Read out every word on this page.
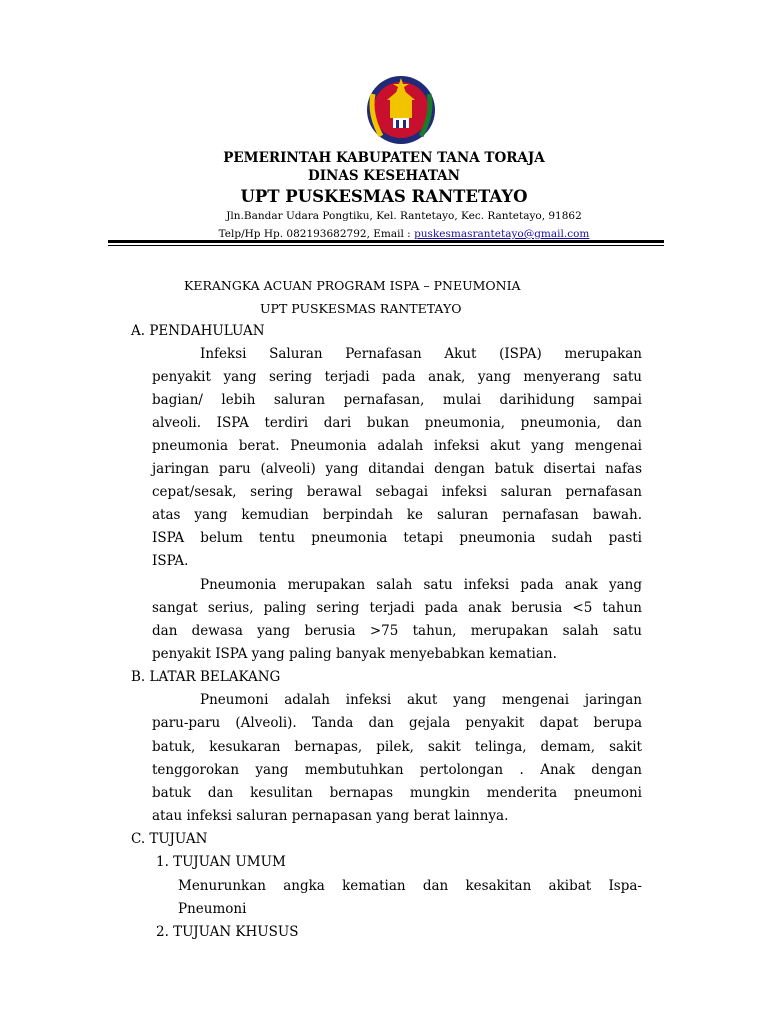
PEMERINTAH KABUPATEN TANA TORAJA
DINAS KESEHATAN
UPT PUSKESMAS RANTETAYO
Jln.Bandar Udara Pongtiku, Kel. Rantetayo, Kec. Rantetayo, 91862
Telp/Hp Hp. 082193682792, Email : puskesmasrantetayo@gmail.com
KERANGKA ACUAN PROGRAM ISPA – PNEUMONIA
UPT PUSKESMAS RANTETAYO
A. PENDAHULUAN
Infeksi Saluran Pernafasan Akut (ISPA) merupakan
penyakit yang sering terjadi pada anak, yang menyerang satu
bagian/ lebih saluran pernafasan, mulai darihidung sampai
alveoli. ISPA terdiri dari bukan pneumonia, pneumonia, dan
pneumonia berat. Pneumonia adalah infeksi akut yang mengenai
jaringan paru (alveoli) yang ditandai dengan batuk disertai nafas
cepat/sesak, sering berawal sebagai infeksi saluran pernafasan
atas yang kemudian berpindah ke saluran pernafasan bawah.
ISPA belum tentu pneumonia tetapi pneumonia sudah pasti
ISPA.
Pneumonia merupakan salah satu infeksi pada anak yang
sangat serius, paling sering terjadi pada anak berusia <5 tahun
dan dewasa yang berusia >75 tahun, merupakan salah satu
penyakit ISPA yang paling banyak menyebabkan kematian.
B. LATAR BELAKANG
Pneumoni adalah infeksi akut yang mengenai jaringan
paru-paru (Alveoli). Tanda dan gejala penyakit dapat berupa
batuk, kesukaran bernapas, pilek, sakit telinga, demam, sakit
tenggorokan yang membutuhkan pertolongan . Anak dengan
batuk dan kesulitan bernapas mungkin menderita pneumoni
atau infeksi saluran pernapasan yang berat lainnya.
C. TUJUAN
1. TUJUAN UMUM
Menurunkan angka kematian dan kesakitan akibat Ispa-
Pneumoni
2. TUJUAN KHUSUS
